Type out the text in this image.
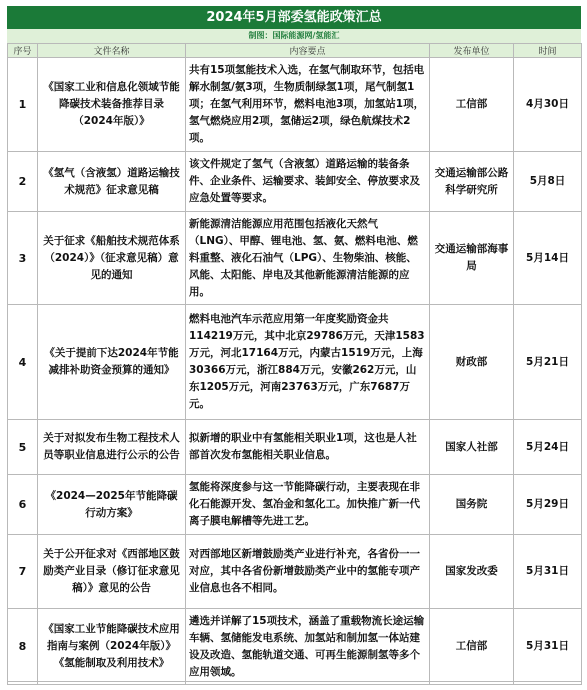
2024年5月部委氢能政策汇总
制图：国际能源网/氢能汇
序号	文件名称	内容要点	发布单位	时间
1	《国家工业和信息化领域节能降碳技术装备推荐目录（2024年版）》	共有15项氢能技术入选，在氢气制取环节，包括电解水制氢/氨3项，生物质制绿氢1项，尾气制氢1项；在氢气利用环节，燃料电池3项，加氢站1项，氢气燃烧应用2项，氢储运2项，绿色航煤技术2项。	工信部	4月30日
2	《氢气（含液氢）道路运输技术规范》征求意见稿	该文件规定了氢气（含液氢）道路运输的装备条件、企业条件、运输要求、装卸安全、停放要求及应急处置等要求。	交通运输部公路科学研究所	5月8日
3	关于征求《船舶技术规范体系（2024）》（征求意见稿）意见的通知	新能源清洁能源应用范围包括液化天然气（LNG）、甲醇、锂电池、氢、氨、燃料电池、燃料重整、液化石油气（LPG）、生物柴油、核能、风能、太阳能、岸电及其他新能源清洁能源的应用。	交通运输部海事局	5月14日
4	《关于提前下达2024年节能减排补助资金预算的通知》	燃料电池汽车示范应用第一年度奖励资金共114219万元，其中北京29786万元，天津1583万元，河北17164万元，内蒙古1519万元，上海30366万元，浙江884万元，安徽262万元，山东1205万元，河南23763万元，广东7687万元。	财政部	5月21日
5	关于对拟发布生物工程技术人员等职业信息进行公示的公告	拟新增的职业中有氢能相关职业1项，这也是人社部首次发布氢能相关职业信息。	国家人社部	5月24日
6	《2024—2025年节能降碳行动方案》	氢能将深度参与这一节能降碳行动，主要表现在非化石能源开发、氢冶金和氢化工。加快推广新一代离子膜电解槽等先进工艺。	国务院	5月29日
7	关于公开征求对《西部地区鼓励类产业目录（修订征求意见稿）》意见的公告	对西部地区新增鼓励类产业进行补充，各省份一一对应，其中各省份新增鼓励类产业中的氢能专项产业信息也各不相同。	国家发改委	5月31日
8	《国家工业节能降碳技术应用指南与案例（2024年版）》《氢能制取及利用技术》	遴选并详解了15项技术，涵盖了重载物流长途运输车辆、氢储能发电系统、加氢站和制加氢一体站建设及改造、氢能轨道交通、可再生能源制氢等多个应用领域。	工信部	5月31日
